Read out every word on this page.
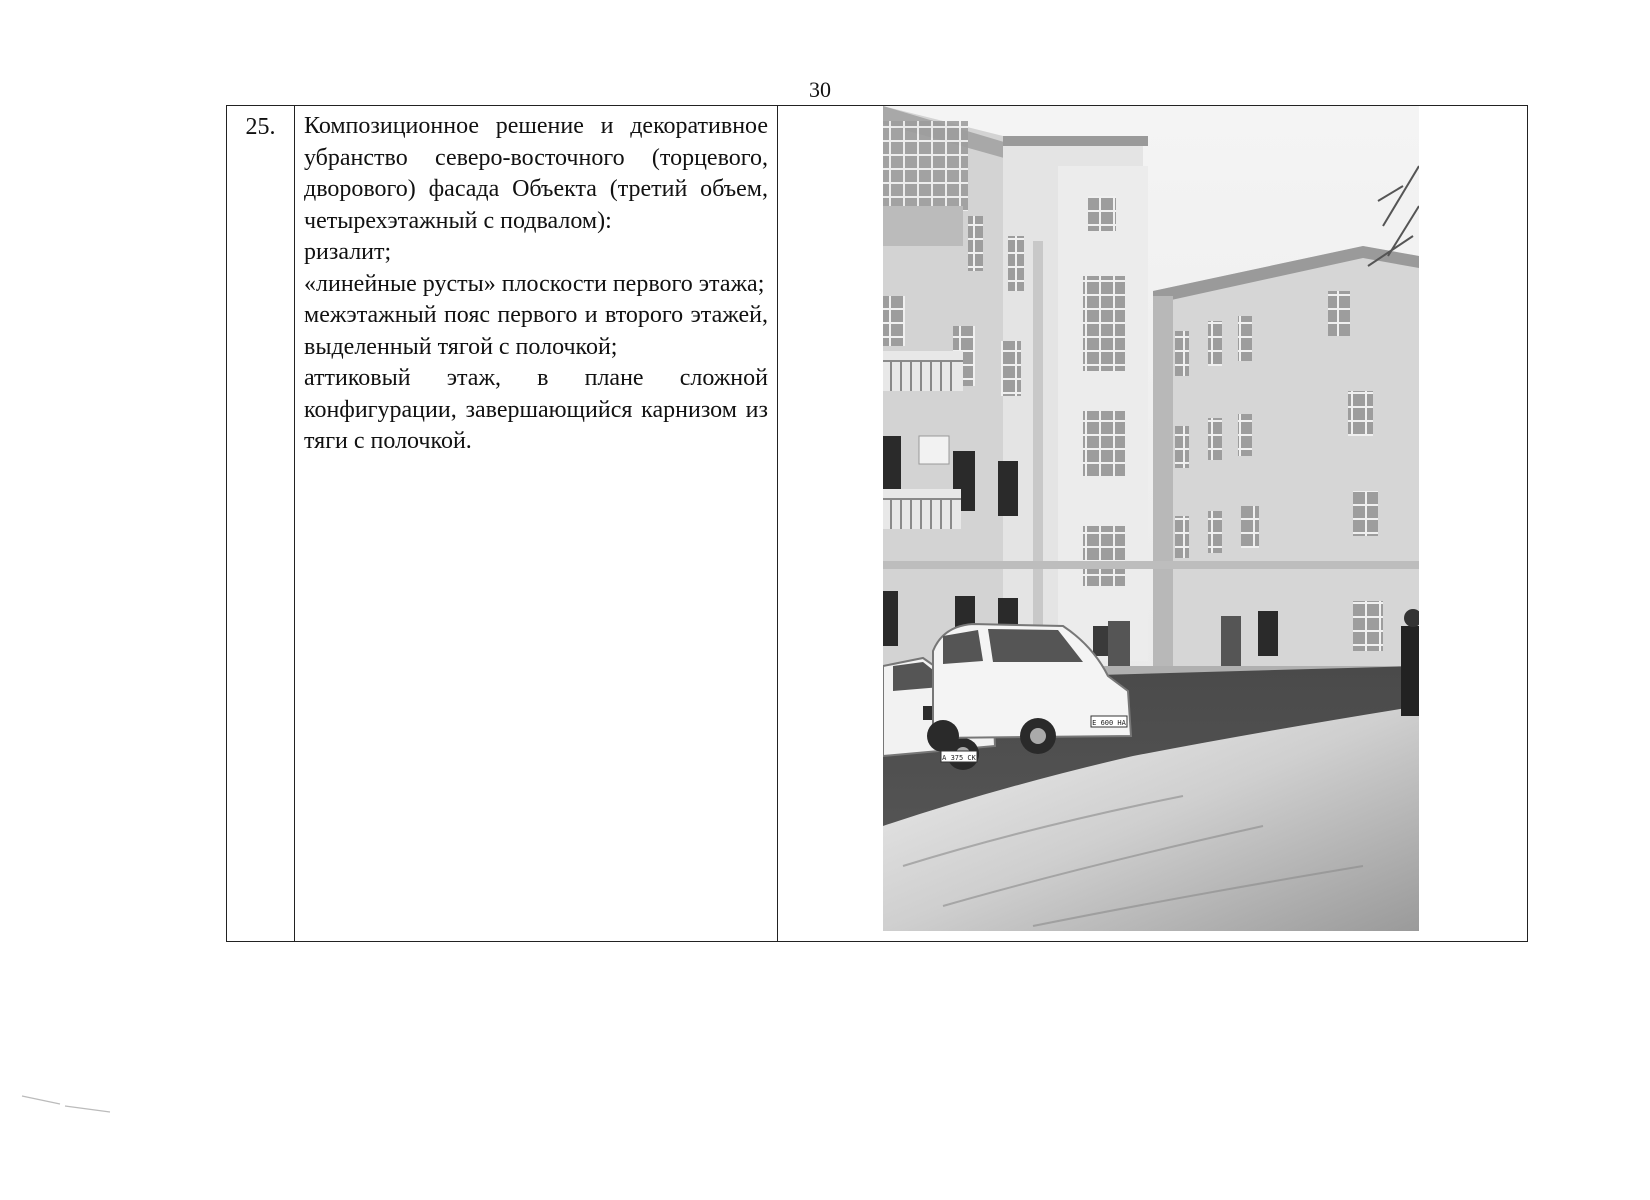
30
25.	Композиционное решение и декоративное убранство северо-восточного (торцевого, дворового) фасада Объекта (третий объем, четырехэтажный с подвалом):

ризалит;

«линейные русты» плоскости первого этажа;

межэтажный пояс первого и второго этажей, выделенный тягой с полочкой;

аттиковый этаж, в плане сложной конфигурации, завершающийся карнизом из тяги с полочкой.

А 375 СК
Е 600 НА
